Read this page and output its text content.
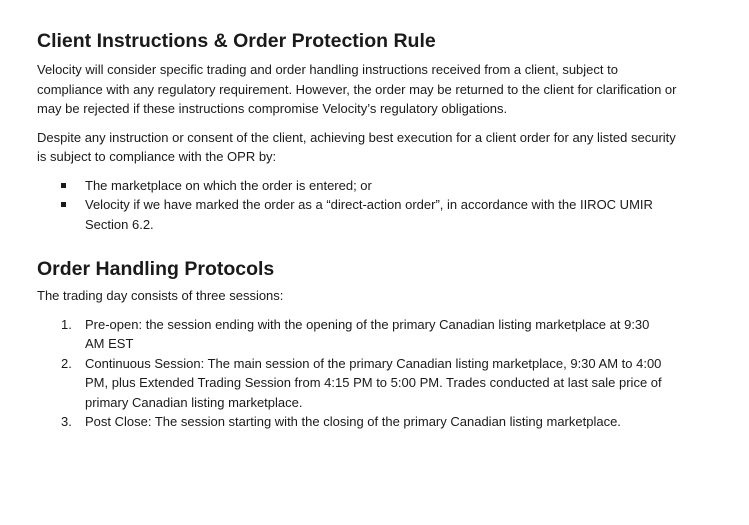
Client Instructions & Order Protection Rule

Velocity will consider specific trading and order handling instructions received from a client, subject to compliance with any regulatory requirement. However, the order may be returned to the client for clarification or may be rejected if these instructions compromise Velocity’s regulatory obligations.

Despite any instruction or consent of the client, achieving best execution for a client order for any listed security is subject to compliance with the OPR by:

The marketplace on which the order is entered; or
Velocity if we have marked the order as a “direct-action order”, in accordance with the IIROC UMIR Section 6.2.
Order Handling Protocols

The trading day consists of three sessions:

1. Pre-open: the session ending with the opening of the primary Canadian listing marketplace at 9:30 AM EST
2. Continuous Session: The main session of the primary Canadian listing marketplace, 9:30 AM to 4:00 PM, plus Extended Trading Session from 4:15 PM to 5:00 PM. Trades conducted at last sale price of primary Canadian listing marketplace.
3. Post Close: The session starting with the closing of the primary Canadian listing marketplace.
